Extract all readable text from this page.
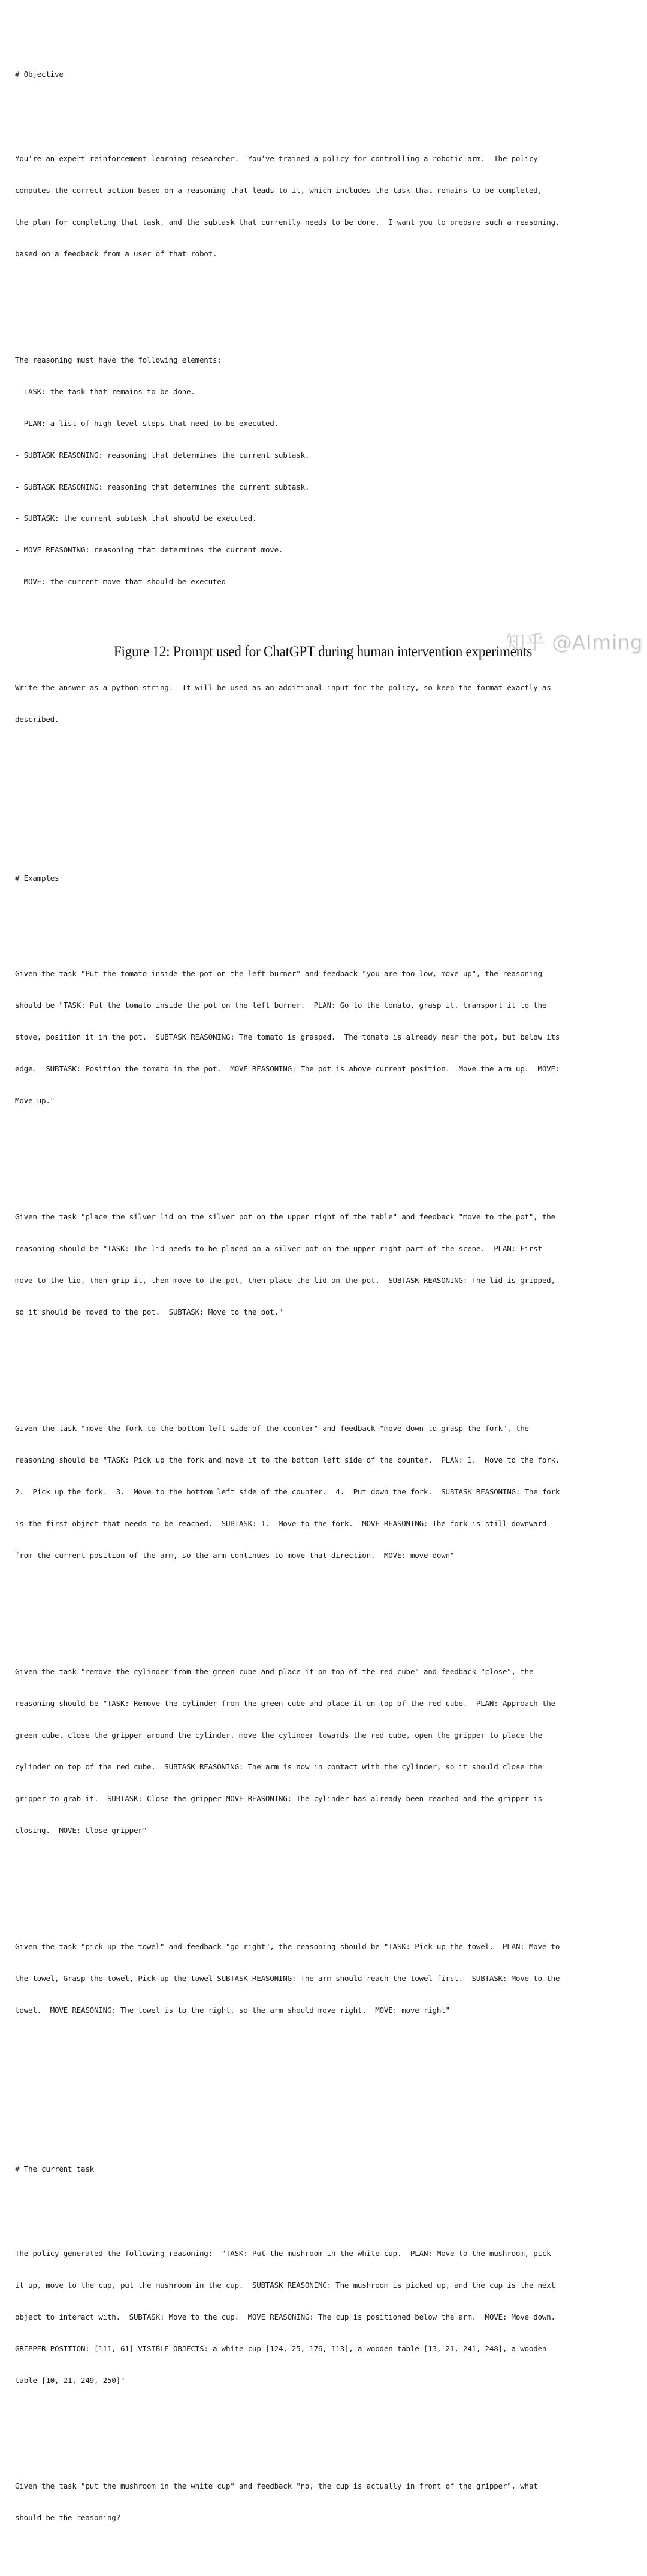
# Objective

You’re an expert reinforcement learning researcher.  You’ve trained a policy for controlling a robotic arm.  The policy

computes the correct action based on a reasoning that leads to it, which includes the task that remains to be completed,

the plan for completing that task, and the subtask that currently needs to be done.  I want you to prepare such a reasoning,

based on a feedback from a user of that robot.

The reasoning must have the following elements:

- TASK: the task that remains to be done.

- PLAN: a list of high-level steps that need to be executed.

- SUBTASK REASONING: reasoning that determines the current subtask.

- SUBTASK REASONING: reasoning that determines the current subtask.

- SUBTASK: the current subtask that should be executed.

- MOVE REASONING: reasoning that determines the current move.

- MOVE: the current move that should be executed

Write the answer as a python string.  It will be used as an additional input for the policy, so keep the format exactly as

described.

# Examples

Given the task "Put the tomato inside the pot on the left burner" and feedback "you are too low, move up", the reasoning

should be "TASK: Put the tomato inside the pot on the left burner.  PLAN: Go to the tomato, grasp it, transport it to the

stove, position it in the pot.  SUBTASK REASONING: The tomato is grasped.  The tomato is already near the pot, but below its

edge.  SUBTASK: Position the tomato in the pot.  MOVE REASONING: The pot is above current position.  Move the arm up.  MOVE:

Move up."

Given the task "place the silver lid on the silver pot on the upper right of the table" and feedback "move to the pot", the

reasoning should be "TASK: The lid needs to be placed on a silver pot on the upper right part of the scene.  PLAN: First

move to the lid, then grip it, then move to the pot, then place the lid on the pot.  SUBTASK REASONING: The lid is gripped,

so it should be moved to the pot.  SUBTASK: Move to the pot."

Given the task "move the fork to the bottom left side of the counter" and feedback "move down to grasp the fork", the

reasoning should be "TASK: Pick up the fork and move it to the bottom left side of the counter.  PLAN: 1.  Move to the fork.

2.  Pick up the fork.  3.  Move to the bottom left side of the counter.  4.  Put down the fork.  SUBTASK REASONING: The fork

is the first object that needs to be reached.  SUBTASK: 1.  Move to the fork.  MOVE REASONING: The fork is still downward

from the current position of the arm, so the arm continues to move that direction.  MOVE: move down"

Given the task "remove the cylinder from the green cube and place it on top of the red cube" and feedback "close", the

reasoning should be "TASK: Remove the cylinder from the green cube and place it on top of the red cube.  PLAN: Approach the

green cube, close the gripper around the cylinder, move the cylinder towards the red cube, open the gripper to place the

cylinder on top of the red cube.  SUBTASK REASONING: The arm is now in contact with the cylinder, so it should close the

gripper to grab it.  SUBTASK: Close the gripper MOVE REASONING: The cylinder has already been reached and the gripper is

closing.  MOVE: Close gripper"

Given the task "pick up the towel" and feedback "go right", the reasoning should be "TASK: Pick up the towel.  PLAN: Move to

the towel, Grasp the towel, Pick up the towel SUBTASK REASONING: The arm should reach the towel first.  SUBTASK: Move to the

towel.  MOVE REASONING: The towel is to the right, so the arm should move right.  MOVE: move right"

# The current task

The policy generated the following reasoning:  "TASK: Put the mushroom in the white cup.  PLAN: Move to the mushroom, pick

it up, move to the cup, put the mushroom in the cup.  SUBTASK REASONING: The mushroom is picked up, and the cup is the next

object to interact with.  SUBTASK: Move to the cup.  MOVE REASONING: The cup is positioned below the arm.  MOVE: Move down.

GRIPPER POSITION: [111, 61] VISIBLE OBJECTS: a white cup [124, 25, 176, 113], a wooden table [13, 21, 241, 248], a wooden

table [10, 21, 249, 250]"

Given the task "put the mushroom in the white cup" and feedback "no, the cup is actually in front of the gripper", what

should be the reasoning?

知乎 @AIming
Figure 12: Prompt used for ChatGPT during human intervention experiments
